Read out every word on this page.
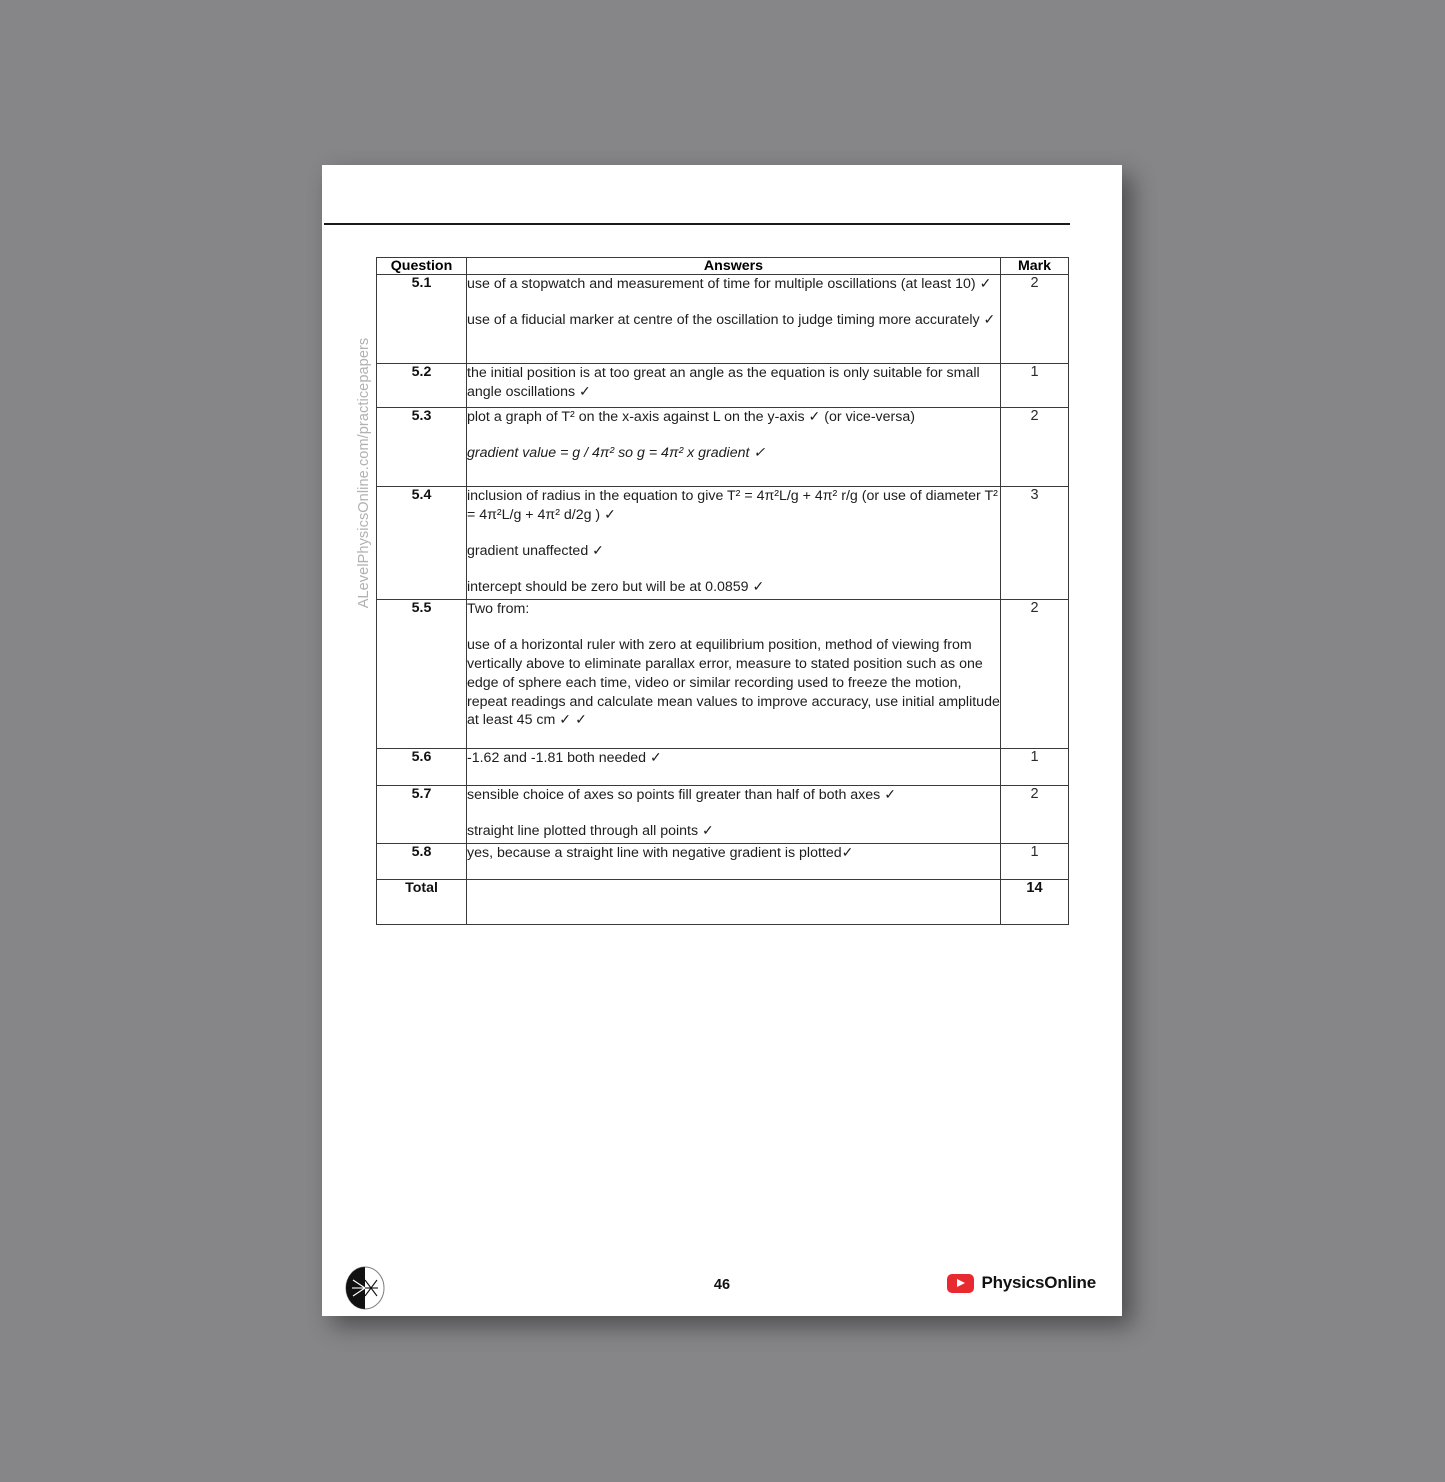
ALevelPhysicsOnline.com/practicepapers
Question	Answers	Mark
5.1	use of a stopwatch and measurement of time for multiple oscillations (at least 10) ✓

use of a fiducial marker at centre of the oscillation to judge timing more accurately ✓	2
5.2	the initial position is at too great an angle as the equation is only suitable for small angle oscillations ✓	1
5.3	plot a graph of T² on the x-axis against L on the y-axis ✓ (or vice-versa)

gradient value = g / 4π² so g = 4π² x gradient ✓	2
5.4	inclusion of radius in the equation to give T² = 4π²L/g + 4π² r/g (or use of diameter T² = 4π²L/g + 4π² d/2g ) ✓

gradient unaffected ✓

intercept should be zero but will be at 0.0859 ✓	3
5.5	Two from:

use of a horizontal ruler with zero at equilibrium position, method of viewing from vertically above to eliminate parallax error, measure to stated position such as one edge of sphere each time, video or similar recording used to freeze the motion, repeat readings and calculate mean values to improve accuracy, use initial amplitude at least 45 cm ✓ ✓	2
5.6	-1.62 and -1.81 both needed ✓	1
5.7	sensible choice of axes so points fill greater than half of both axes ✓

straight line plotted through all points ✓	2
5.8	yes, because a straight line with negative gradient is plotted✓	1
Total		14
46	PhysicsOnline
